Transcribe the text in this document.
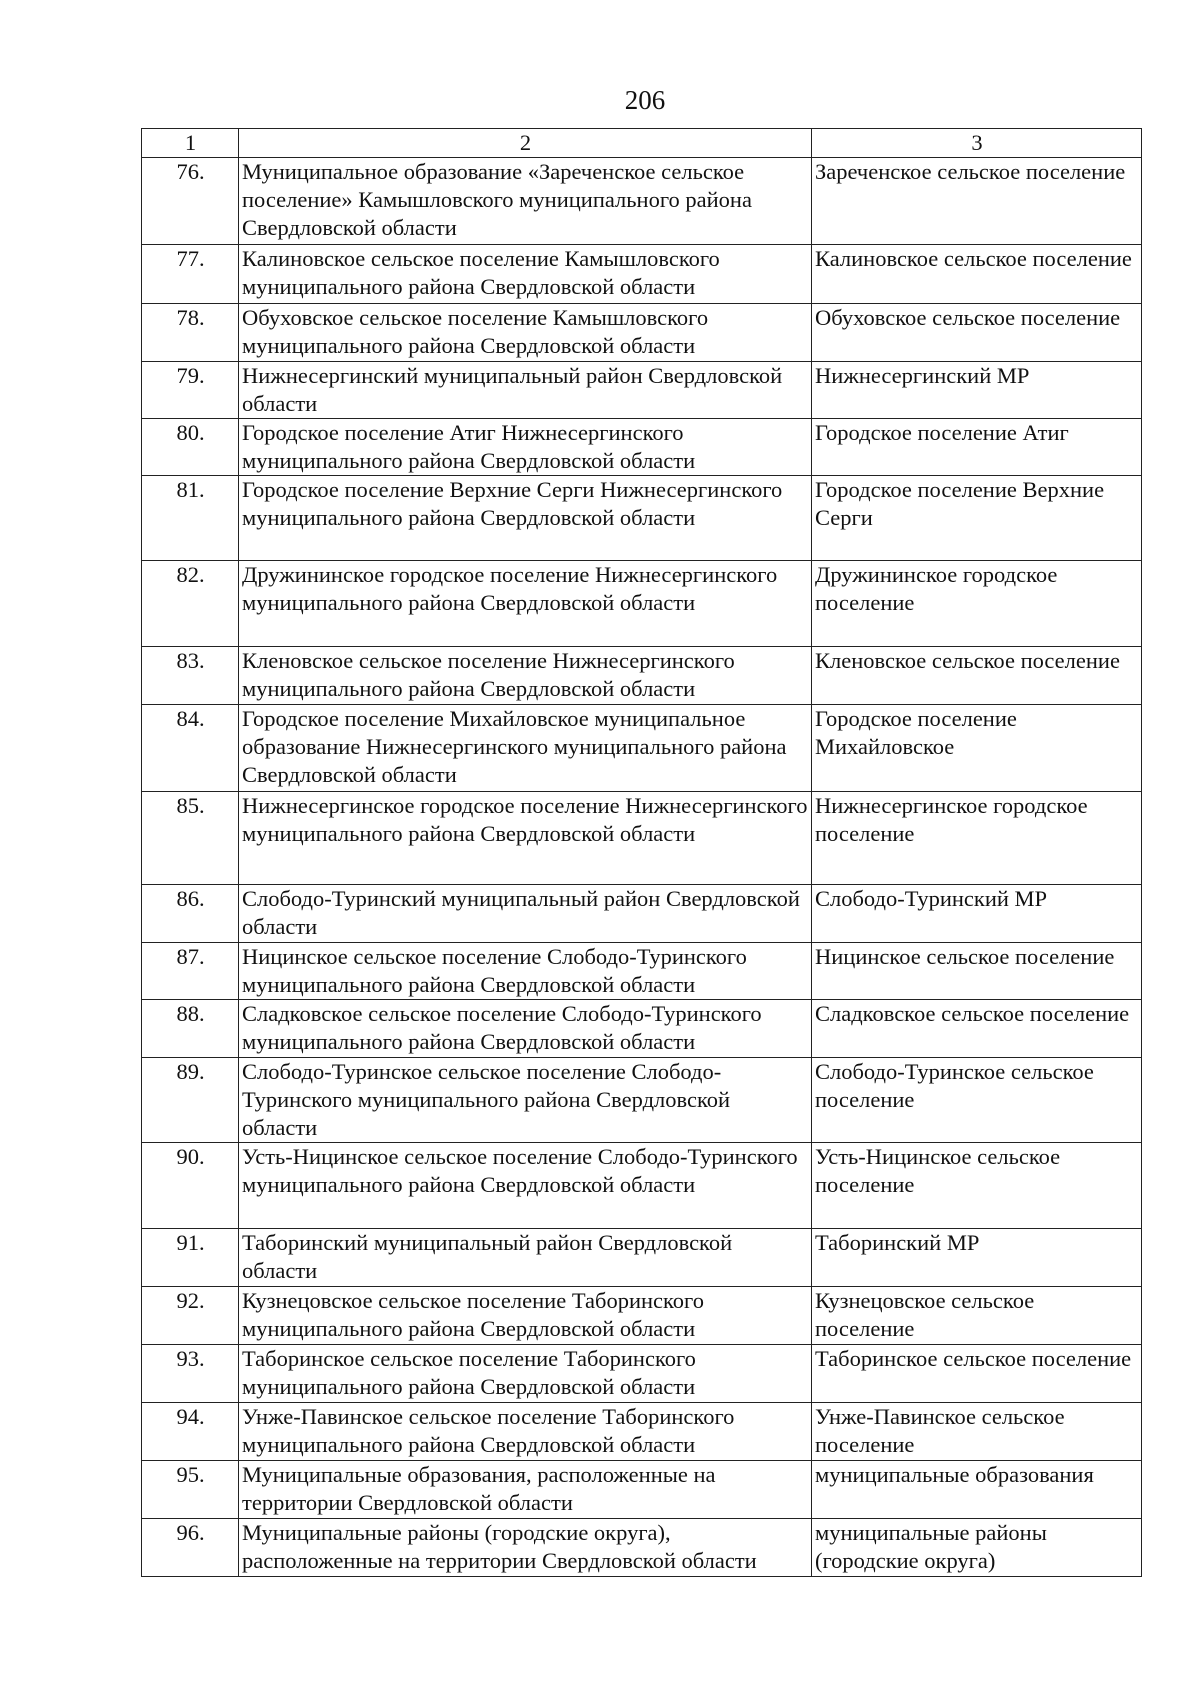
206
1	2	3
76.	Муниципальное образование «Зареченское сельское поселение» Камышловского муниципального района Свердловской области	Зареченское сельское поселение
77.	Калиновское сельское поселение Камышловского муниципального района Свердловской области	Калиновское сельское поселение
78.	Обуховское сельское поселение Камышловского муниципального района Свердловской области	Обуховское сельское поселение
79.	Нижнесергинский муниципальный район Свердловской области	Нижнесергинский МР
80.	Городское поселение Атиг Нижнесергинского муниципального района Свердловской области	Городское поселение Атиг
81.	Городское поселение Верхние Серги Нижнесергинского муниципального района Свердловской области	Городское поселение Верхние Серги
82.	Дружининское городское поселение Нижнесергинского муниципального района Свердловской области	Дружининское городское поселение
83.	Кленовское сельское поселение Нижнесергинского муниципального района Свердловской области	Кленовское сельское поселение
84.	Городское поселение Михайловское муниципальное образование Нижнесергинского муниципального района Свердловской области	Городское поселение Михайловское
85.	Нижнесергинское городское поселение Нижнесергинского муниципального района Свердловской области	Нижнесергинское городское поселение
86.	Слободо-Туринский муниципальный район Свердловской области	Слободо-Туринский МР
87.	Ницинское сельское поселение Слободо-Туринского муниципального района Свердловской области	Ницинское сельское поселение
88.	Сладковское сельское поселение Слободо-Туринского муниципального района Свердловской области	Сладковское сельское поселение
89.	Слободо-Туринское сельское поселение Слободо-Туринского муниципального района Свердловской области	Слободо-Туринское сельское поселение
90.	Усть-Ницинское сельское поселение Слободо-Туринского муниципального района Свердловской области	Усть-Ницинское сельское поселение
91.	Таборинский муниципальный район Свердловской области	Таборинский МР
92.	Кузнецовское сельское поселение Таборинского муниципального района Свердловской области	Кузнецовское сельское поселение
93.	Таборинское сельское поселение Таборинского муниципального района Свердловской области	Таборинское сельское поселение
94.	Унже-Павинское сельское поселение Таборинского муниципального района Свердловской области	Унже-Павинское сельское поселение
95.	Муниципальные образования, расположенные на территории Свердловской области	муниципальные образования
96.	Муниципальные районы (городские округа), расположенные на территории Свердловской области	муниципальные районы (городские округа)
